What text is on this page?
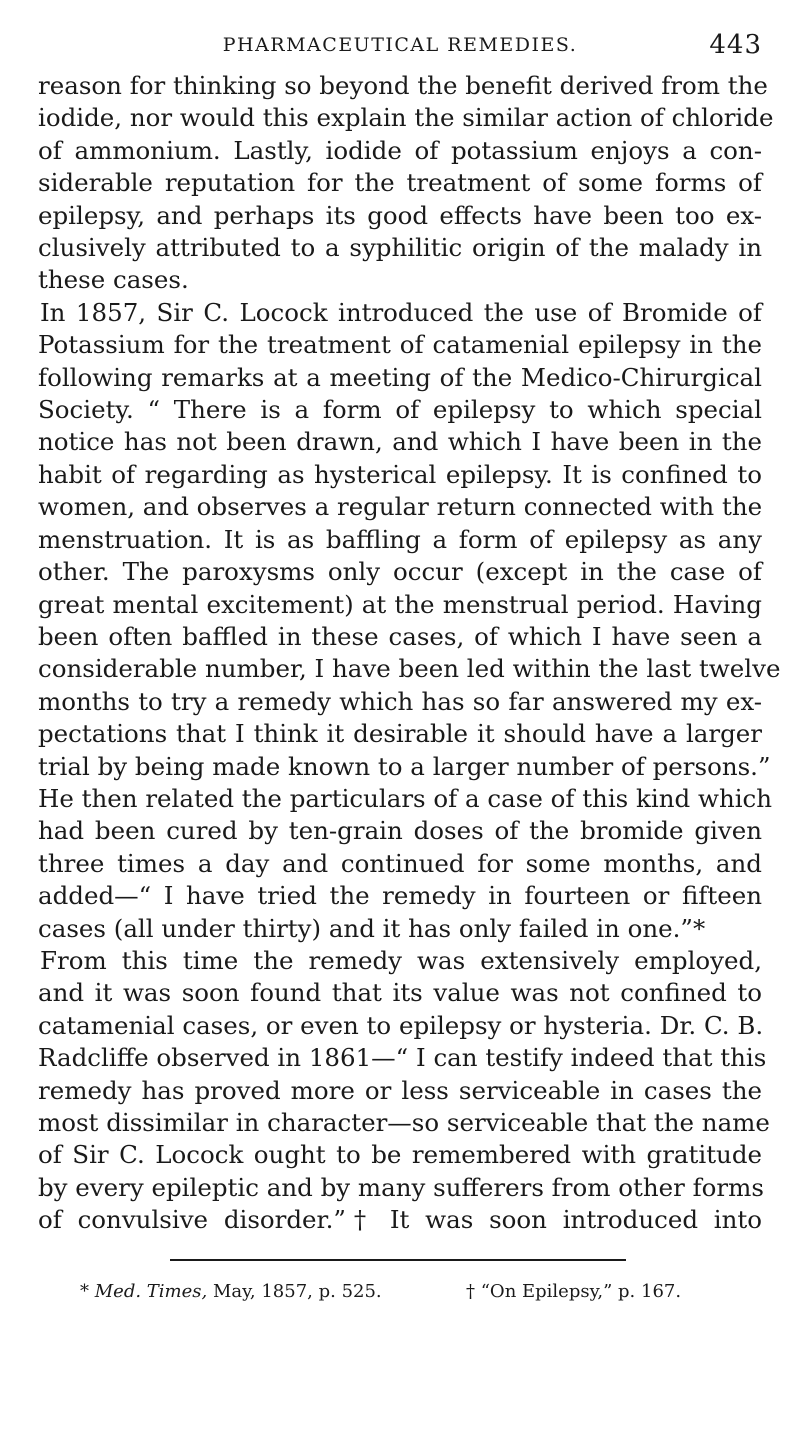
PHARMACEUTICAL REMEDIES.	443

reason for thinking so beyond the benefit derived from the
iodide, nor would this explain the similar action of chloride
of ammonium. Lastly, iodide of potassium enjoys a con-
siderable reputation for the treatment of some forms of
epilepsy, and perhaps its good effects have been too ex-
clusively attributed to a syphilitic origin of the malady in
these cases.

In 1857, Sir C. Locock introduced the use of Bromide of
Potassium for the treatment of catamenial epilepsy in the
following remarks at a meeting of the Medico-Chirurgical
Society. “ There is a form of epilepsy to which special
notice has not been drawn, and which I have been in the
habit of regarding as hysterical epilepsy. It is confined to
women, and observes a regular return connected with the
menstruation. It is as baffling a form of epilepsy as any
other. The paroxysms only occur (except in the case of
great mental excitement) at the menstrual period. Having
been often baffled in these cases, of which I have seen a
considerable number, I have been led within the last twelve
months to try a remedy which has so far answered my ex-
pectations that I think it desirable it should have a larger
trial by being made known to a larger number of persons.”
He then related the particulars of a case of this kind which
had been cured by ten-grain doses of the bromide given
three times a day and continued for some months, and
added—“ I have tried the remedy in fourteen or fifteen
cases (all under thirty) and it has only failed in one.”*

From this time the remedy was extensively employed,
and it was soon found that its value was not confined to
catamenial cases, or even to epilepsy or hysteria. Dr. C. B.
Radcliffe observed in 1861—“ I can testify indeed that this
remedy has proved more or less serviceable in cases the
most dissimilar in character—so serviceable that the name
of Sir C. Locock ought to be remembered with gratitude
by every epileptic and by many sufferers from other forms
of convulsive disorder.”† It was soon introduced into

* Med. Times, May, 1857, p. 525.	† “On Epilepsy,” p. 167.
